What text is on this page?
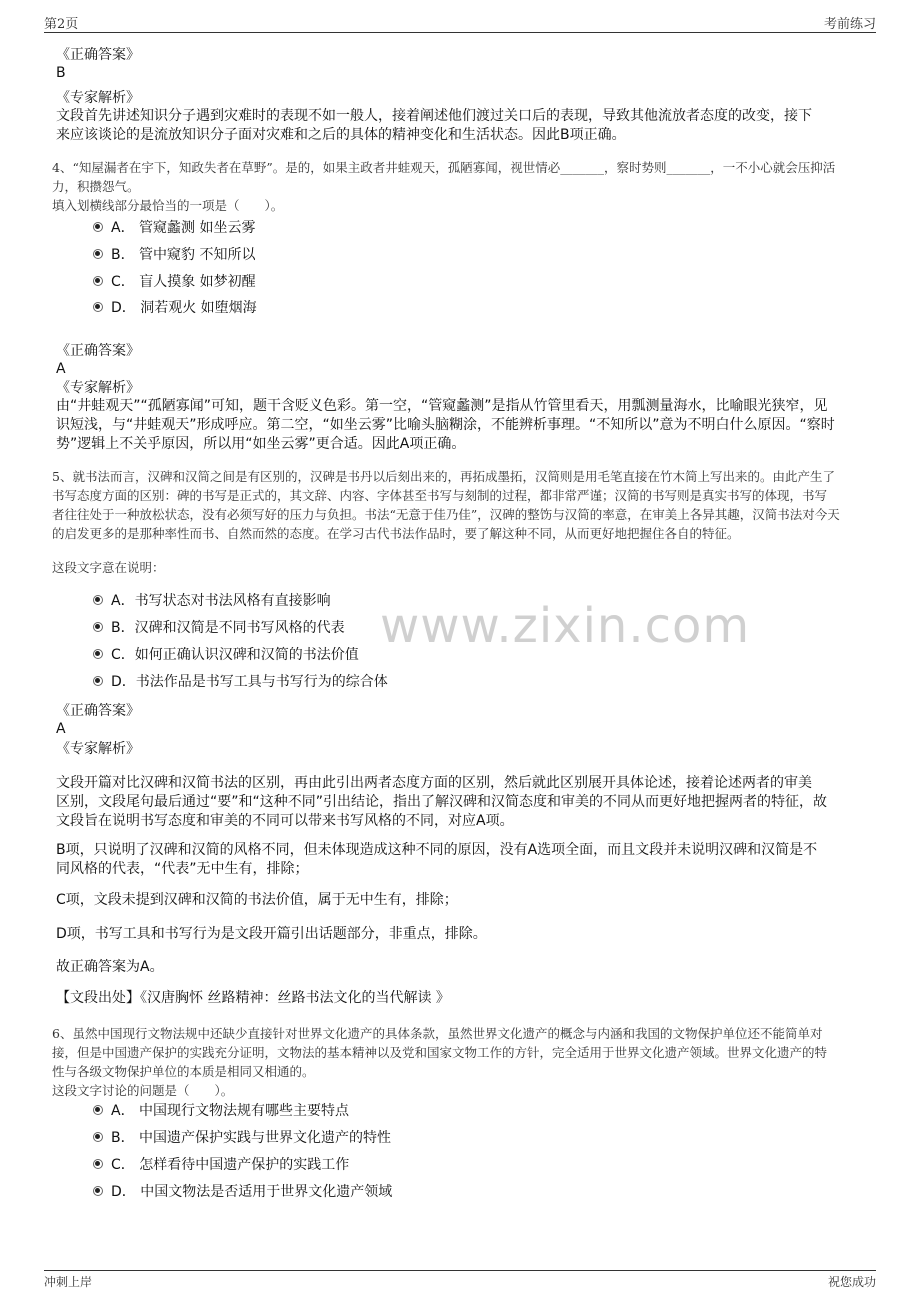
第2页	考前练习
www.zixin.com
《正确答案》
B
《专家解析》
文段首先讲述知识分子遇到灾难时的表现不如一般人，接着阐述他们渡过关口后的表现，导致其他流放者态度的改变，接下
来应该谈论的是流放知识分子面对灾难和之后的具体的精神变化和生活状态。因此B项正确。
4、“知屋漏者在宇下，知政失者在草野”。是的，如果主政者井蛙观天，孤陋寡闻，视世情必_______，察时势则_______，一不小心就会压抑活
力，积攒怨气。
填入划横线部分最恰当的一项是（　　）。
A． 管窥蠡测 如坐云雾
B． 管中窥豹 不知所以
C． 盲人摸象 如梦初醒
D． 洞若观火 如堕烟海
《正确答案》
A
《专家解析》
由“井蛙观天”“孤陋寡闻”可知，题干含贬义色彩。第一空，“管窥蠡测”是指从竹管里看天，用瓢测量海水，比喻眼光狭窄，见
识短浅，与“井蛙观天”形成呼应。第二空，“如坐云雾”比喻头脑糊涂，不能辨析事理。“不知所以”意为不明白什么原因。“察时
势”逻辑上不关乎原因，所以用“如坐云雾”更合适。因此A项正确。
5、就书法而言，汉碑和汉简之间是有区别的，汉碑是书丹以后刻出来的，再拓成墨拓，汉简则是用毛笔直接在竹木简上写出来的。由此产生了
书写态度方面的区别：碑的书写是正式的，其文辞、内容、字体甚至书写与刻制的过程，都非常严谨；汉简的书写则是真实书写的体现，书写
者往往处于一种放松状态，没有必须写好的压力与负担。书法“无意于佳乃佳”，汉碑的整饬与汉简的率意，在审美上各异其趣，汉简书法对今天
的启发更多的是那种率性而书、自然而然的态度。在学习古代书法作品时，要了解这种不同，从而更好地把握住各自的特征。
这段文字意在说明：
A．书写状态对书法风格有直接影响
B．汉碑和汉简是不同书写风格的代表
C．如何正确认识汉碑和汉简的书法价值
D．书法作品是书写工具与书写行为的综合体
《正确答案》
A
《专家解析》
文段开篇对比汉碑和汉简书法的区别，再由此引出两者态度方面的区别，然后就此区别展开具体论述，接着论述两者的审美
区别，文段尾句最后通过“要”和“这种不同”引出结论，指出了解汉碑和汉简态度和审美的不同从而更好地把握两者的特征，故
文段旨在说明书写态度和审美的不同可以带来书写风格的不同，对应A项。
B项，只说明了汉碑和汉简的风格不同，但未体现造成这种不同的原因，没有A选项全面，而且文段并未说明汉碑和汉简是不
同风格的代表，“代表”无中生有，排除；
C项，文段未提到汉碑和汉简的书法价值，属于无中生有，排除；
D项，书写工具和书写行为是文段开篇引出话题部分，非重点，排除。
故正确答案为A。
【文段出处】《汉唐胸怀 丝路精神：丝路书法文化的当代解读 》
6、虽然中国现行文物法规中还缺少直接针对世界文化遗产的具体条款，虽然世界文化遗产的概念与内涵和我国的文物保护单位还不能简单对
接，但是中国遗产保护的实践充分证明，文物法的基本精神以及党和国家文物工作的方针，完全适用于世界文化遗产领域。世界文化遗产的特
性与各级文物保护单位的本质是相同又相通的。
这段文字讨论的问题是（　　）。
A． 中国现行文物法规有哪些主要特点
B． 中国遗产保护实践与世界文化遗产的特性
C． 怎样看待中国遗产保护的实践工作
D． 中国文物法是否适用于世界文化遗产领域
冲刺上岸	祝您成功
